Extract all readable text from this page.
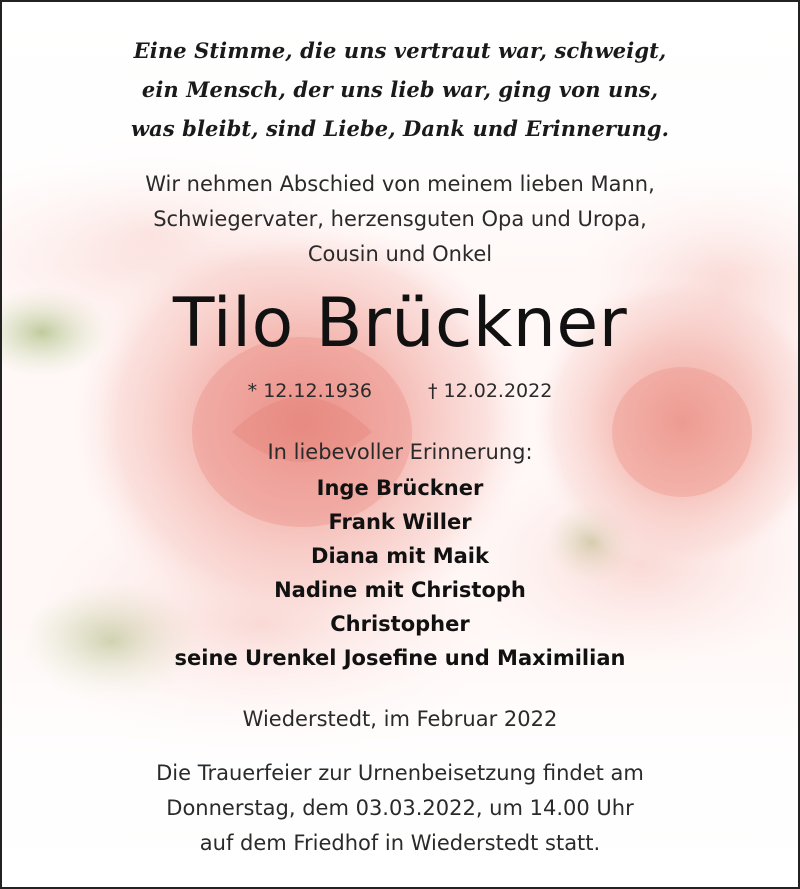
Eine Stimme, die uns vertraut war, schweigt,
ein Mensch, der uns lieb war, ging von uns,
was bleibt, sind Liebe, Dank und Erinnerung.
Wir nehmen Abschied von meinem lieben Mann,
Schwiegervater, herzensguten Opa und Uropa,
Cousin und Onkel
Tilo Brückner
* 12.12.1936	† 12.02.2022
In liebevoller Erinnerung:
Inge Brückner
Frank Willer
Diana mit Maik
Nadine mit Christoph
Christopher
seine Urenkel Josefine und Maximilian
Wiederstedt, im Februar 2022
Die Trauerfeier zur Urnenbeisetzung findet am
Donnerstag, dem 03.03.2022, um 14.00 Uhr
auf dem Friedhof in Wiederstedt statt.
